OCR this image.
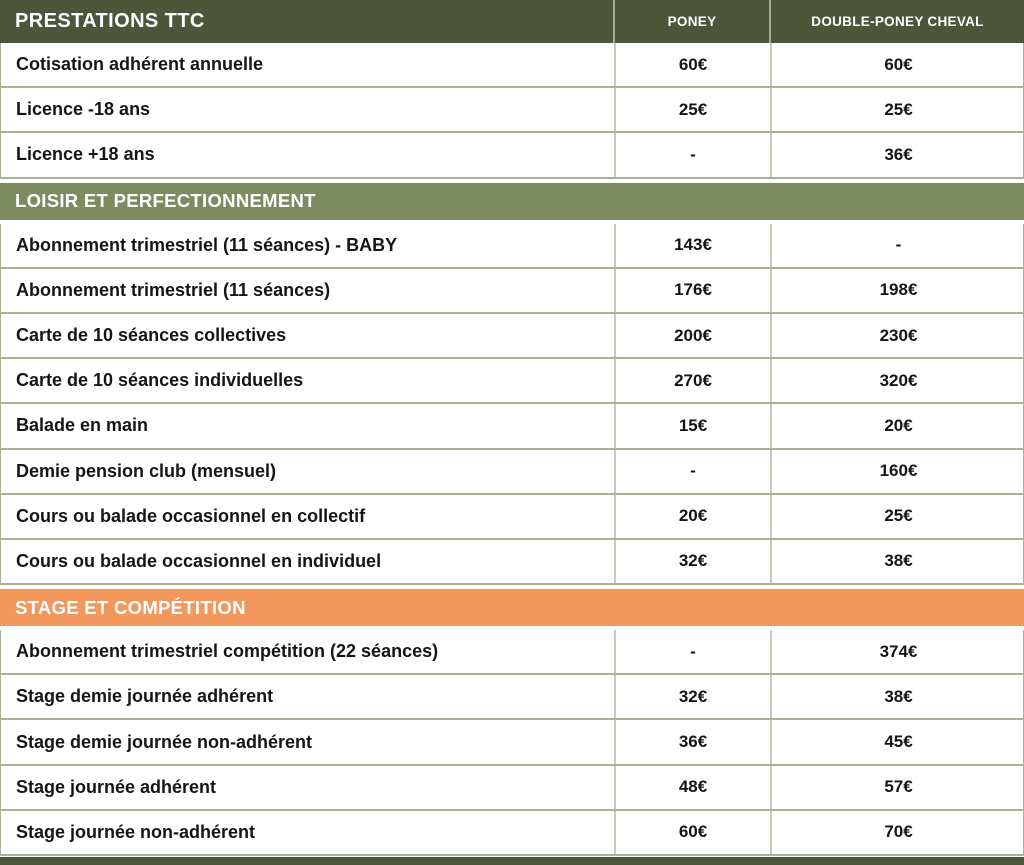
PRESTATIONS TTC	PONEY	DOUBLE-PONEY CHEVAL
Cotisation adhérent annuelle	60€	60€
Licence -18 ans	25€	25€
Licence +18 ans	-	36€
LOISIR ET PERFECTIONNEMENT
Abonnement trimestriel (11 séances) - BABY	143€	-
Abonnement trimestriel (11 séances)	176€	198€
Carte de 10 séances collectives	200€	230€
Carte de 10 séances individuelles	270€	320€
Balade en main	15€	20€
Demie pension club (mensuel)	-	160€
Cours ou balade occasionnel en collectif	20€	25€
Cours ou balade occasionnel en individuel	32€	38€
STAGE ET COMPÉTITION
Abonnement trimestriel compétition (22 séances)	-	374€
Stage demie journée adhérent	32€	38€
Stage demie journée non-adhérent	36€	45€
Stage journée adhérent	48€	57€
Stage journée non-adhérent	60€	70€
